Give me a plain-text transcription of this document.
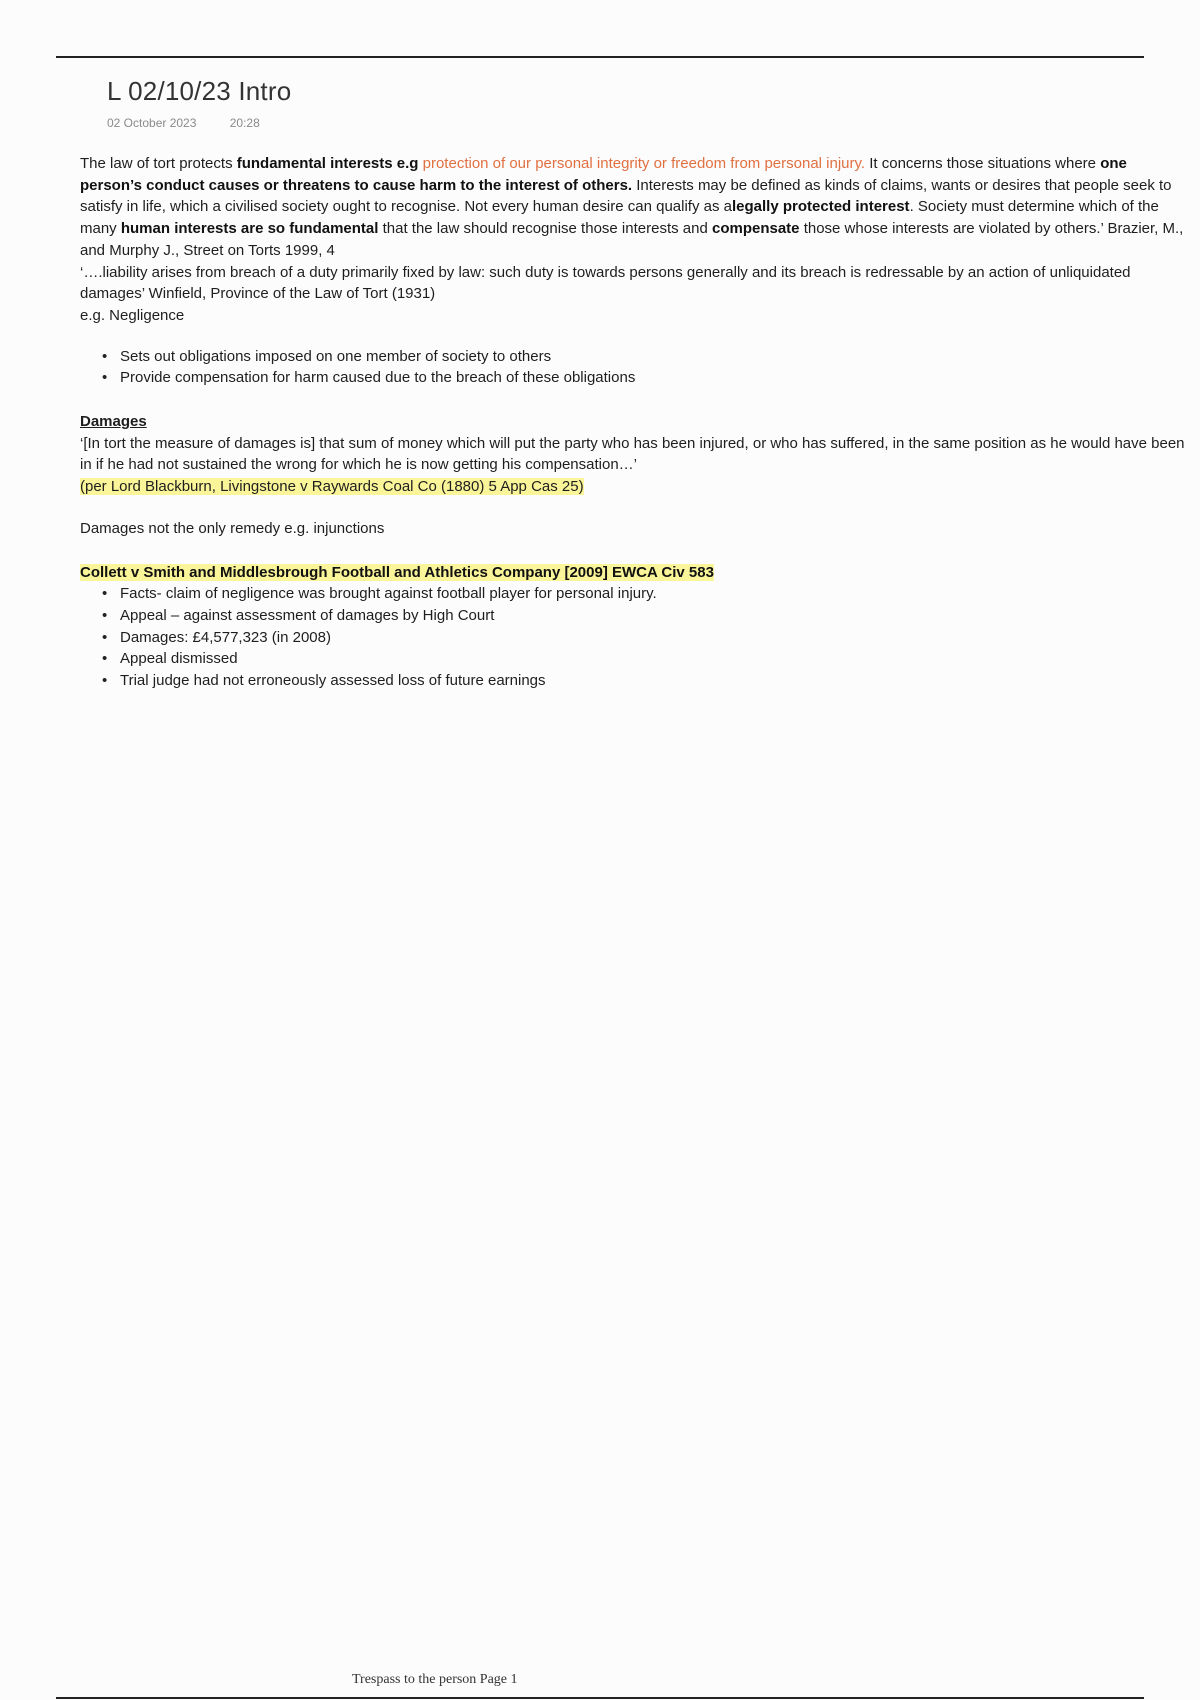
L 02/10/23 Intro
02 October 2023	20:28

The law of tort protects fundamental interests e.g protection of our personal integrity or freedom from personal injury. It concerns those situations where one person’s conduct causes or threatens to cause harm to the interest of others. Interests may be defined as kinds of claims, wants or desires that people seek to satisfy in life, which a civilised society ought to recognise. Not every human desire can qualify as alegally protected interest. Society must determine which of the many human interests are so fundamental that the law should recognise those interests and compensate those whose interests are violated by others.’ Brazier, M., and Murphy J., Street on Torts 1999, 4

‘….liability arises from breach of a duty primarily fixed by law: such duty is towards persons generally and its breach is redressable by an action of unliquidated damages’ Winfield, Province of the Law of Tort (1931)

e.g. Negligence

• Sets out obligations imposed on one member of society to others
• Provide compensation for harm caused due to the breach of these obligations

Damages

‘[In tort the measure of damages is] that sum of money which will put the party who has been injured, or who has suffered, in the same position as he would have been in if he had not sustained the wrong for which he is now getting his compensation…’

(per Lord Blackburn, Livingstone v Raywards Coal Co (1880) 5 App Cas 25)

Damages not the only remedy e.g. injunctions

Collett v Smith and Middlesbrough Football and Athletics Company [2009] EWCA Civ 583

• Facts- claim of negligence was brought against football player for personal injury.
• Appeal – against assessment of damages by High Court
• Damages: £4,577,323 (in 2008)
• Appeal dismissed
• Trial judge had not erroneously assessed loss of future earnings
Trespass to the person Page 1
